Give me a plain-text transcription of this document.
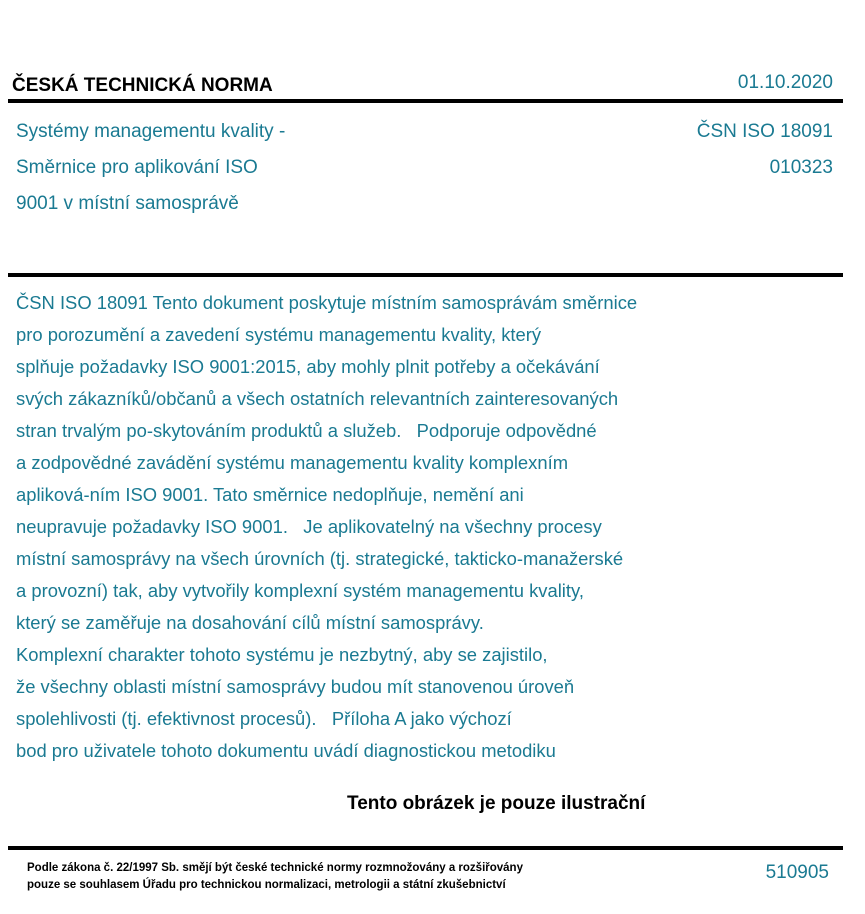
ČESKÁ TECHNICKÁ NORMA	01.10.2020
Systémy managementu kvality -
Směrnice pro aplikování ISO
9001 v místní samosprávě
ČSN ISO 18091
010323
ČSN ISO 18091 Tento dokument poskytuje místním samosprávám směrnice
pro porozumění a zavedení systému managementu kvality, který
splňuje požadavky ISO 9001:2015, aby mohly plnit potřeby a očekávání
svých zákazníků/občanů a všech ostatních relevantních zainteresovaných
stran trvalým po-skytováním produktů a služeb.   Podporuje odpovědné
a zodpovědné zavádění systému managementu kvality komplexním
apliková-ním ISO 9001. Tato směrnice nedoplňuje, nemění ani
neupravuje požadavky ISO 9001.   Je aplikovatelný na všechny procesy
místní samosprávy na všech úrovních (tj. strategické, takticko-manažerské
a provozní) tak, aby vytvořily komplexní systém managementu kvality,
který se zaměřuje na dosahování cílů místní samosprávy.
Komplexní charakter tohoto systému je nezbytný, aby se zajistilo,
že všechny oblasti místní samosprávy budou mít stanovenou úroveň
spolehlivosti (tj. efektivnost procesů).   Příloha A jako výchozí
bod pro uživatele tohoto dokumentu uvádí diagnostickou metodiku
Tento obrázek je pouze ilustrační
Podle zákona č. 22/1997 Sb. smějí být české technické normy rozmnožovány a rozšiřovány
pouze se souhlasem Úřadu pro technickou normalizaci, metrologii a státní zkušebnictví
510905
